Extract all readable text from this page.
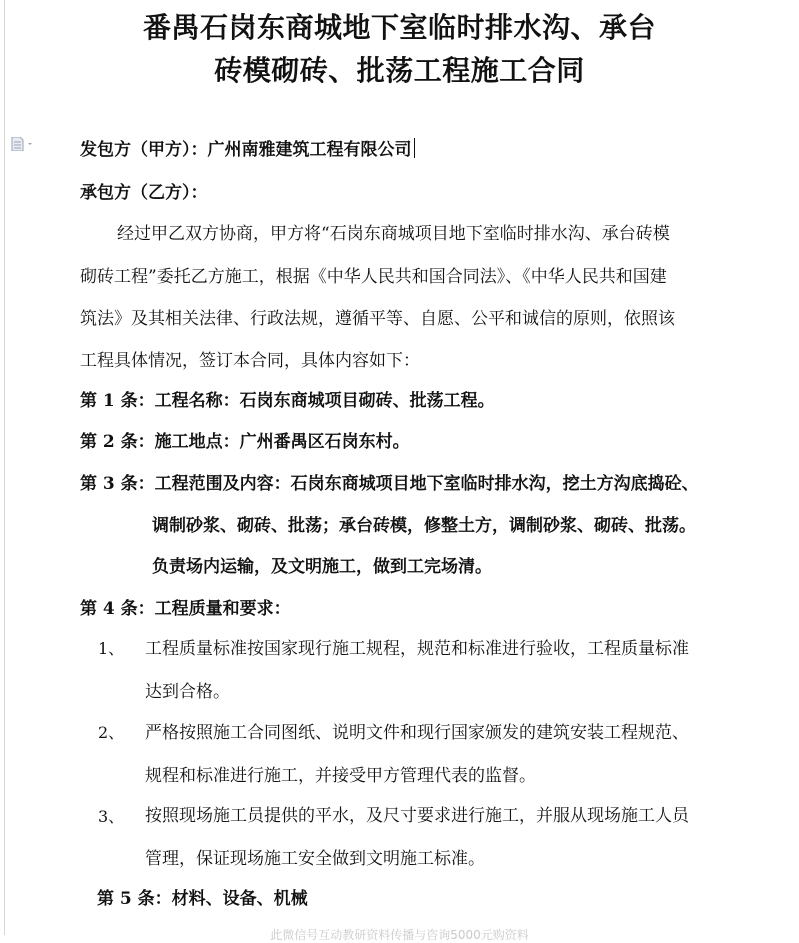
番禺石岗东商城地下室临时排水沟、承台
砖模砌砖、批荡工程施工合同
发包方（甲方）：广州南雅建筑工程有限公司
承包方（乙方）：
经过甲乙双方协商，甲方将“石岗东商城项目地下室临时排水沟、承台砖模
砌砖工程”委托乙方施工，根据《中华人民共和国合同法》、《中华人民共和国建
筑法》及其相关法律、行政法规，遵循平等、自愿、公平和诚信的原则，依照该
工程具体情况，签订本合同，具体内容如下：
第 1 条：工程名称：石岗东商城项目砌砖、批荡工程。
第 2 条：施工地点：广州番禺区石岗东村。
第 3 条：工程范围及内容：石岗东商城项目地下室临时排水沟，挖土方沟底捣砼、
调制砂浆、砌砖、批荡；承台砖模，修整土方，调制砂浆、砌砖、批荡。
负责场内运输，及文明施工，做到工完场清。
第 4 条：工程质量和要求：
1、 工程质量标准按国家现行施工规程，规范和标准进行验收，工程质量标准
达到合格。
2、 严格按照施工合同图纸、说明文件和现行国家颁发的建筑安装工程规范、
规程和标准进行施工，并接受甲方管理代表的监督。
3、 按照现场施工员提供的平水，及尺寸要求进行施工，并服从现场施工人员
管理，保证现场施工安全做到文明施工标准。
第 5 条：材料、设备、机械
此微信号互动教研资料传播与咨询5000元购资料
